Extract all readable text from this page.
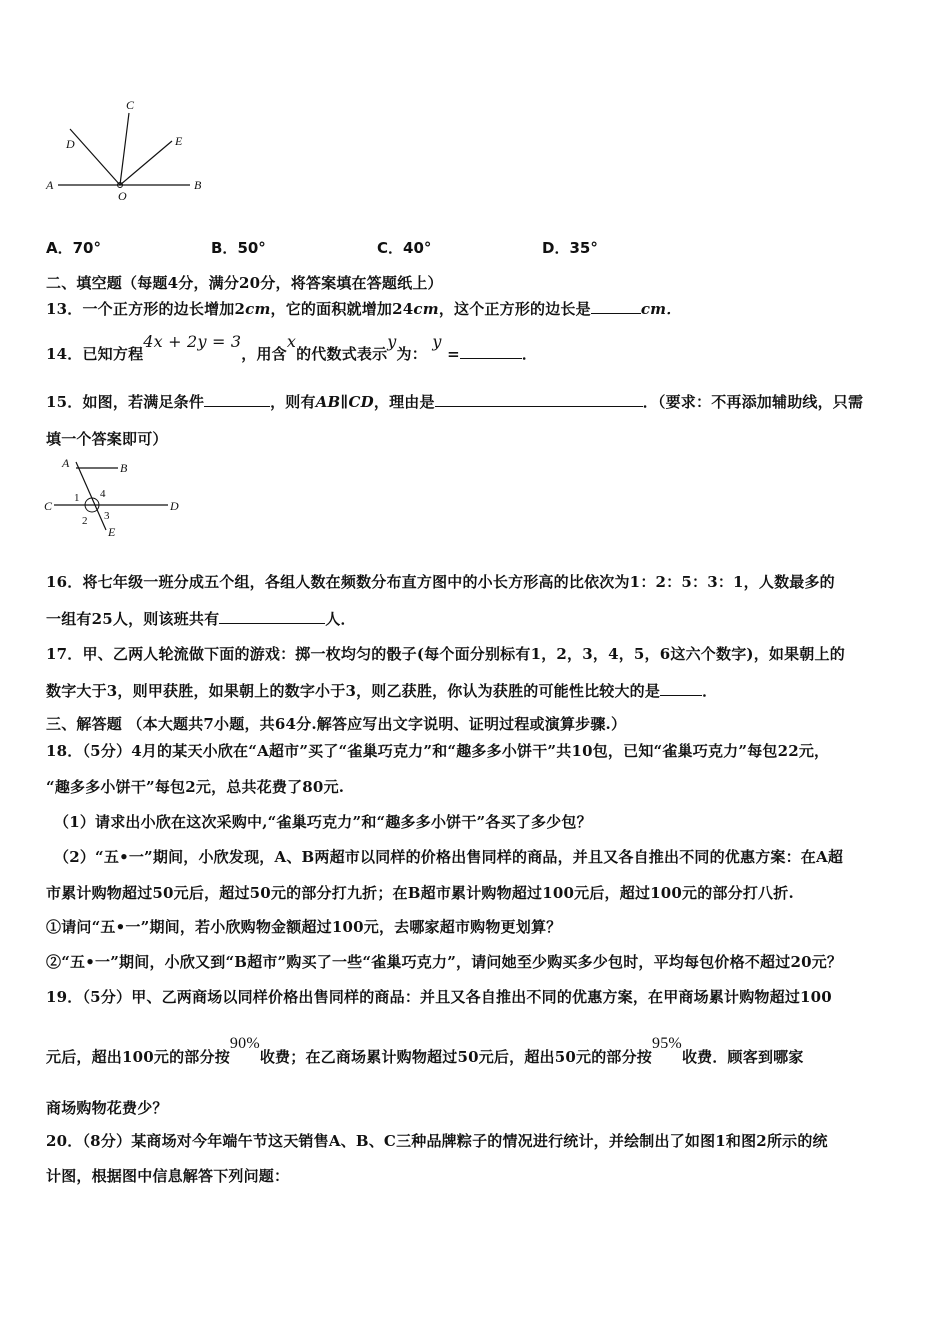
A	B
C
D	E
O
A．70°	B．50°	C．40°	D．35°
二、填空题（每题4分，满分20分，将答案填在答题纸上）
13．一个正方形的边长增加2cm，它的面积就增加24cm，这个正方形的边长是	cm．
14．已知方程4x + 2y = 3，用含x的代数式表示y为： y =	．
15．如图，若满足条件	，则有AB∥CD，理由是	．（要求：不再添加辅助线，只需
填一个答案即可）
A	B
C	D
E
1 4
2 3
16．将七年级一班分成五个组，各组人数在频数分布直方图中的小长方形高的比依次为1：2：5：3：1，人数最多的
一组有25人，则该班共有	人．
17．甲、乙两人轮流做下面的游戏：掷一枚均匀的骰子(每个面分别标有1，2，3，4，5，6这六个数字)，如果朝上的
数字大于3，则甲获胜，如果朝上的数字小于3，则乙获胜，你认为获胜的可能性比较大的是	．
三、解答题 （本大题共7小题，共64分.解答应写出文字说明、证明过程或演算步骤.）
18．（5分）4月的某天小欣在“A超市”买了“雀巢巧克力”和“趣多多小饼干”共10包，已知“雀巢巧克力”每包22元，
“趣多多小饼干”每包2元，总共花费了80元.
（1）请求出小欣在这次采购中,“雀巢巧克力”和“趣多多小饼干”各买了多少包？
（2）“五•一”期间，小欣发现，A、B两超市以同样的价格出售同样的商品，并且又各自推出不同的优惠方案：在A超
市累计购物超过50元后，超过50元的部分打九折；在B超市累计购物超过100元后，超过100元的部分打八折.
①请问“五•一”期间，若小欣购物金额超过100元，去哪家超市购物更划算？
②“五•一”期间，小欣又到“B超市”购买了一些“雀巢巧克力”，请问她至少购买多少包时，平均每包价格不超过20元？
19．（5分）甲、乙两商场以同样价格出售同样的商品：并且又各自推出不同的优惠方案，在甲商场累计购物超过100
元后，超出100元的部分按90%收费；在乙商场累计购物超过50元后，超出50元的部分按95%收费．顾客到哪家
商场购物花费少？
20．（8分）某商场对今年端午节这天销售A、B、C三种品牌粽子的情况进行统计，并绘制出了如图1和图2所示的统
计图，根据图中信息解答下列问题：
